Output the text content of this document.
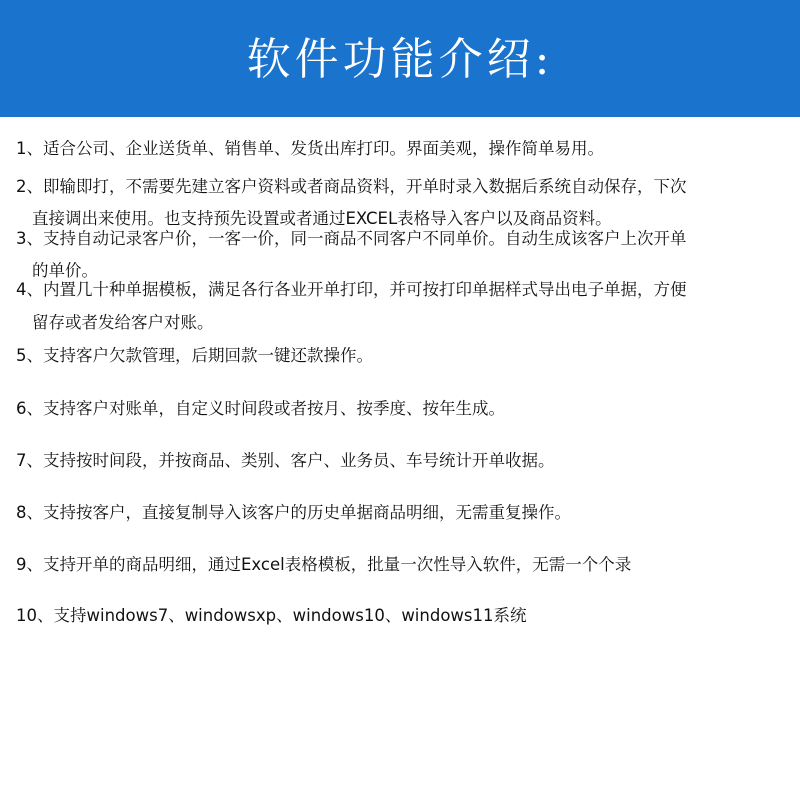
软件功能介绍:
1、适合公司、企业送货单、销售单、发货出库打印。界面美观，操作简单易用。
2、即输即打，不需要先建立客户资料或者商品资料，开单时录入数据后系统自动保存，下次
直接调出来使用。也支持预先设置或者通过EXCEL表格导入客户以及商品资料。
3、支持自动记录客户价，一客一价，同一商品不同客户不同单价。自动生成该客户上次开单
的单价。
4、内置几十种单据模板，满足各行各业开单打印，并可按打印单据样式导出电子单据，方便
留存或者发给客户对账。
5、支持客户欠款管理，后期回款一键还款操作。
6、支持客户对账单，自定义时间段或者按月、按季度、按年生成。
7、支持按时间段，并按商品、类别、客户、业务员、车号统计开单收据。
8、支持按客户，直接复制导入该客户的历史单据商品明细，无需重复操作。
9、支持开单的商品明细，通过Excel表格模板，批量一次性导入软件，无需一个个录
10、支持windows7、windowsxp、windows10、windows11系统
